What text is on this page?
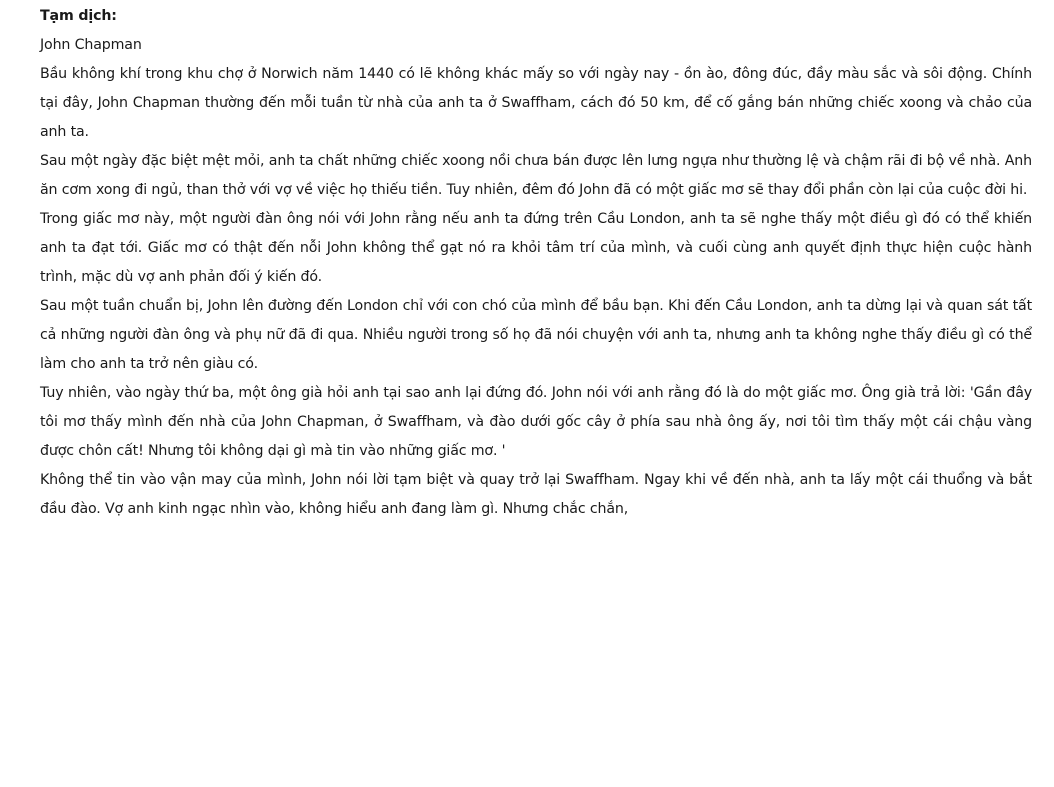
Tạm dịch:

John Chapman

Bầu không khí trong khu chợ ở Norwich năm 1440 có lẽ không khác mấy so với ngày nay - ồn ào, đông đúc, đầy màu sắc và sôi động. Chính tại đây, John Chapman thường đến mỗi tuần từ nhà của anh ta ở Swaffham, cách đó 50 km, để cố gắng bán những chiếc xoong và chảo của anh ta.

Sau một ngày đặc biệt mệt mỏi, anh ta chất những chiếc xoong nồi chưa bán được lên lưng ngựa như thường lệ và chậm rãi đi bộ về nhà. Anh ăn cơm xong đi ngủ, than thở với vợ về việc họ thiếu tiền. Tuy nhiên, đêm đó John đã có một giấc mơ sẽ thay đổi phần còn lại của cuộc đời hi.

Trong giấc mơ này, một người đàn ông nói với John rằng nếu anh ta đứng trên Cầu London, anh ta sẽ nghe thấy một điều gì đó có thể khiến anh ta đạt tới. Giấc mơ có thật đến nỗi John không thể gạt nó ra khỏi tâm trí của mình, và cuối cùng anh quyết định thực hiện cuộc hành trình, mặc dù vợ anh phản đối ý kiến đó.

Sau một tuần chuẩn bị, John lên đường đến London chỉ với con chó của mình để bầu bạn. Khi đến Cầu London, anh ta dừng lại và quan sát tất cả những người đàn ông và phụ nữ đã đi qua. Nhiều người trong số họ đã nói chuyện với anh ta, nhưng anh ta không nghe thấy điều gì có thể làm cho anh ta trở nên giàu có.

Tuy nhiên, vào ngày thứ ba, một ông già hỏi anh tại sao anh lại đứng đó. John nói với anh rằng đó là do một giấc mơ. Ông già trả lời: 'Gần đây tôi mơ thấy mình đến nhà của John Chapman, ở Swaffham, và đào dưới gốc cây ở phía sau nhà ông ấy, nơi tôi tìm thấy một cái chậu vàng được chôn cất! Nhưng tôi không dại gì mà tin vào những giấc mơ. '

Không thể tin vào vận may của mình, John nói lời tạm biệt và quay trở lại Swaffham. Ngay khi về đến nhà, anh ta lấy một cái thuổng và bắt đầu đào. Vợ anh kinh ngạc nhìn vào, không hiểu anh đang làm gì. Nhưng chắc chắn,
